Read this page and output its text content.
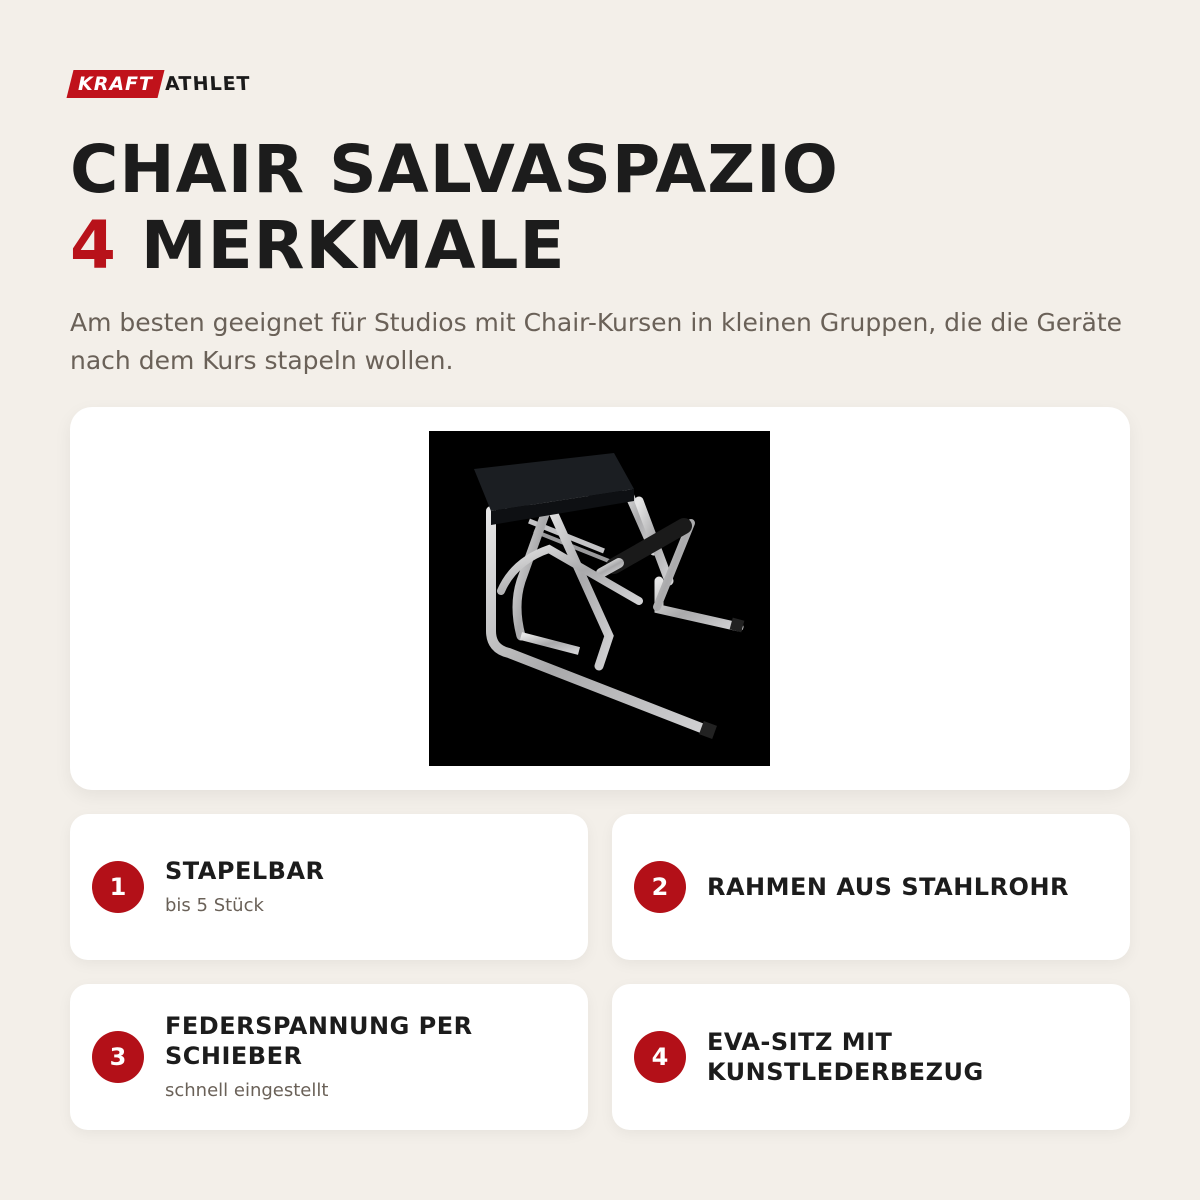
KRAFT ATHLET
CHAIR SALVASPAZIO
4 MERKMALE

Am besten geeignet für Studios mit Chair-Kursen in kleinen Gruppen, die die Geräte nach dem Kurs stapeln wollen.

1
STAPELBAR
bis 5 Stück
2	RAHMEN AUS STAHLROHR
3
FEDERSPANNUNG PER SCHIEBER
schnell eingestellt
4
EVA-SITZ MIT KUNSTLEDERBEZUG
